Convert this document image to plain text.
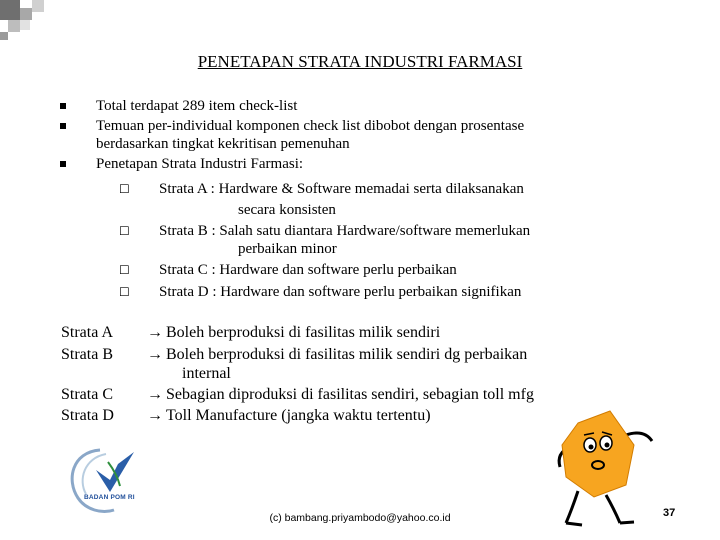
PENETAPAN STRATA INDUSTRI FARMASI
Total terdapat 289 item check-list
Temuan per-individual komponen check list dibobot dengan prosentase
berdasarkan tingkat kekritisan pemenuhan
Penetapan Strata Industri Farmasi:
☐ Strata A : Hardware & Software memadai serta dilaksanakan
secara konsisten
☐ Strata B : Salah satu diantara Hardware/software memerlukan
perbaikan minor
☐ Strata C : Hardware dan software perlu perbaikan
☐ Strata D : Hardware dan software perlu perbaikan signifikan
Strata A → Boleh berproduksi di fasilitas milik sendiri
Strata B → Boleh berproduksi di fasilitas milik sendiri dg perbaikan
internal
Strata C → Sebagian diproduksi di fasilitas sendiri, sebagian toll mfg
Strata D → Toll Manufacture (jangka waktu tertentu)
BADAN POM RI
(c) bambang.priyambodo@yahoo.co.id	37
